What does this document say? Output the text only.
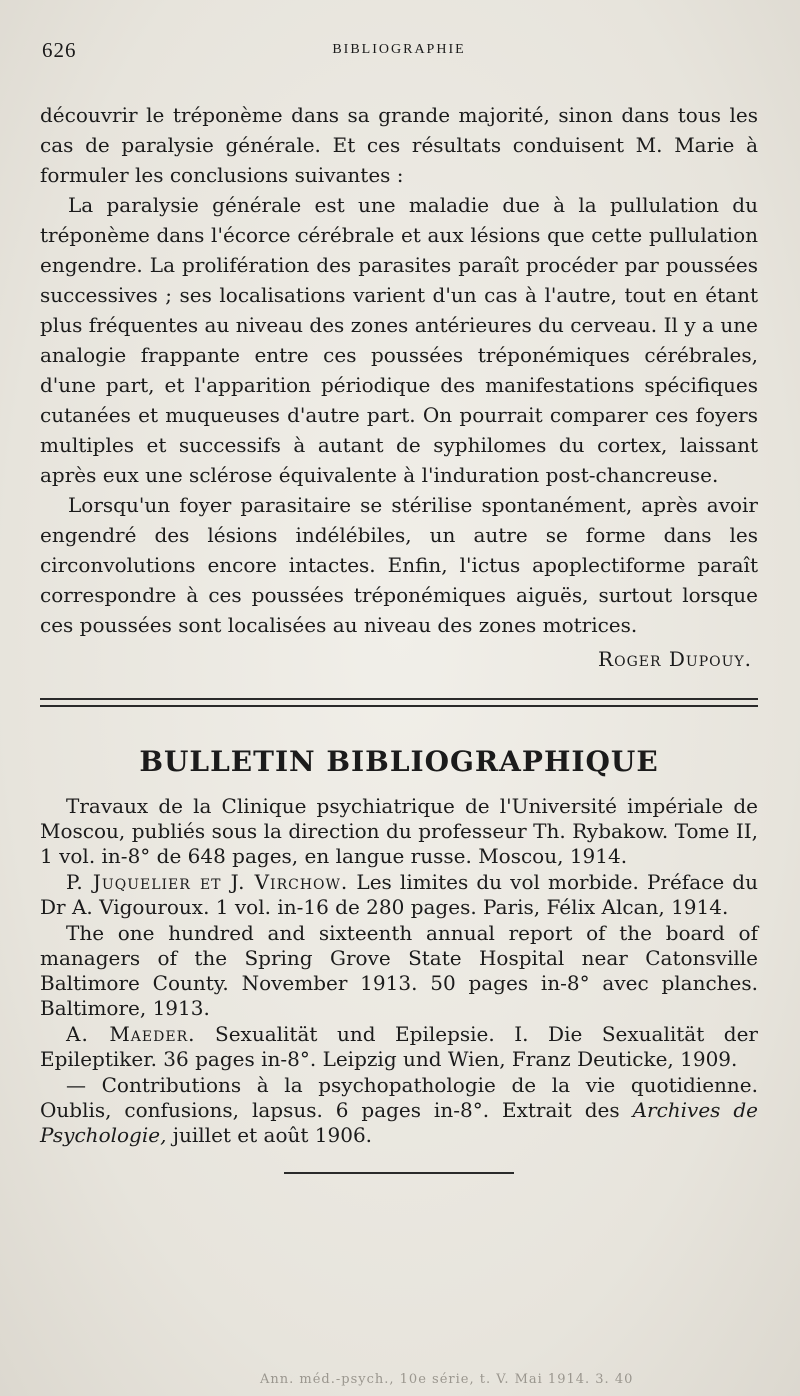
626	BIBLIOGRAPHIE

découvrir le tréponème dans sa grande majorité, sinon dans tous les cas de paralysie générale. Et ces résultats conduisent M. Marie à formuler les conclusions suivantes :

La paralysie générale est une maladie due à la pullulation du tréponème dans l'écorce cérébrale et aux lésions que cette pullulation engendre. La prolifération des parasites paraît procéder par poussées successives ; ses localisations varient d'un cas à l'autre, tout en étant plus fréquentes au niveau des zones antérieures du cerveau. Il y a une analogie frappante entre ces poussées tréponémiques cérébrales, d'une part, et l'apparition périodique des manifestations spécifiques cutanées et muqueuses d'autre part. On pourrait comparer ces foyers multiples et successifs à autant de syphilomes du cortex, laissant après eux une sclérose équivalente à l'induration post-chancreuse.

Lorsqu'un foyer parasitaire se stérilise spontanément, après avoir engendré des lésions indélébiles, un autre se forme dans les circonvolutions encore intactes. Enfin, l'ictus apoplectiforme paraît correspondre à ces poussées tréponémiques aiguës, surtout lorsque ces poussées sont localisées au niveau des zones motrices.

Roger Dupouy.
BULLETIN BIBLIOGRAPHIQUE

Travaux de la Clinique psychiatrique de l'Université impériale de Moscou, publiés sous la direction du professeur Th. Rybakow. Tome II, 1 vol. in-8° de 648 pages, en langue russe. Moscou, 1914.

P. Juquelier et J. Virchow. Les limites du vol morbide. Préface du Dr A. Vigouroux. 1 vol. in-16 de 280 pages. Paris, Félix Alcan, 1914.

The one hundred and sixteenth annual report of the board of managers of the Spring Grove State Hospital near Catonsville Baltimore County. November 1913. 50 pages in-8° avec planches. Baltimore, 1913.

A. Maeder. Sexualität und Epilepsie. I. Die Sexualität der Epileptiker. 36 pages in-8°. Leipzig und Wien, Franz Deuticke, 1909.

— Contributions à la psychopathologie de la vie quotidienne. Oublis, confusions, lapsus. 6 pages in-8°. Extrait des Archives de Psychologie, juillet et août 1906.

Ann. méd.-psych., 10e série, t. V. Mai 1914. 3. 40
